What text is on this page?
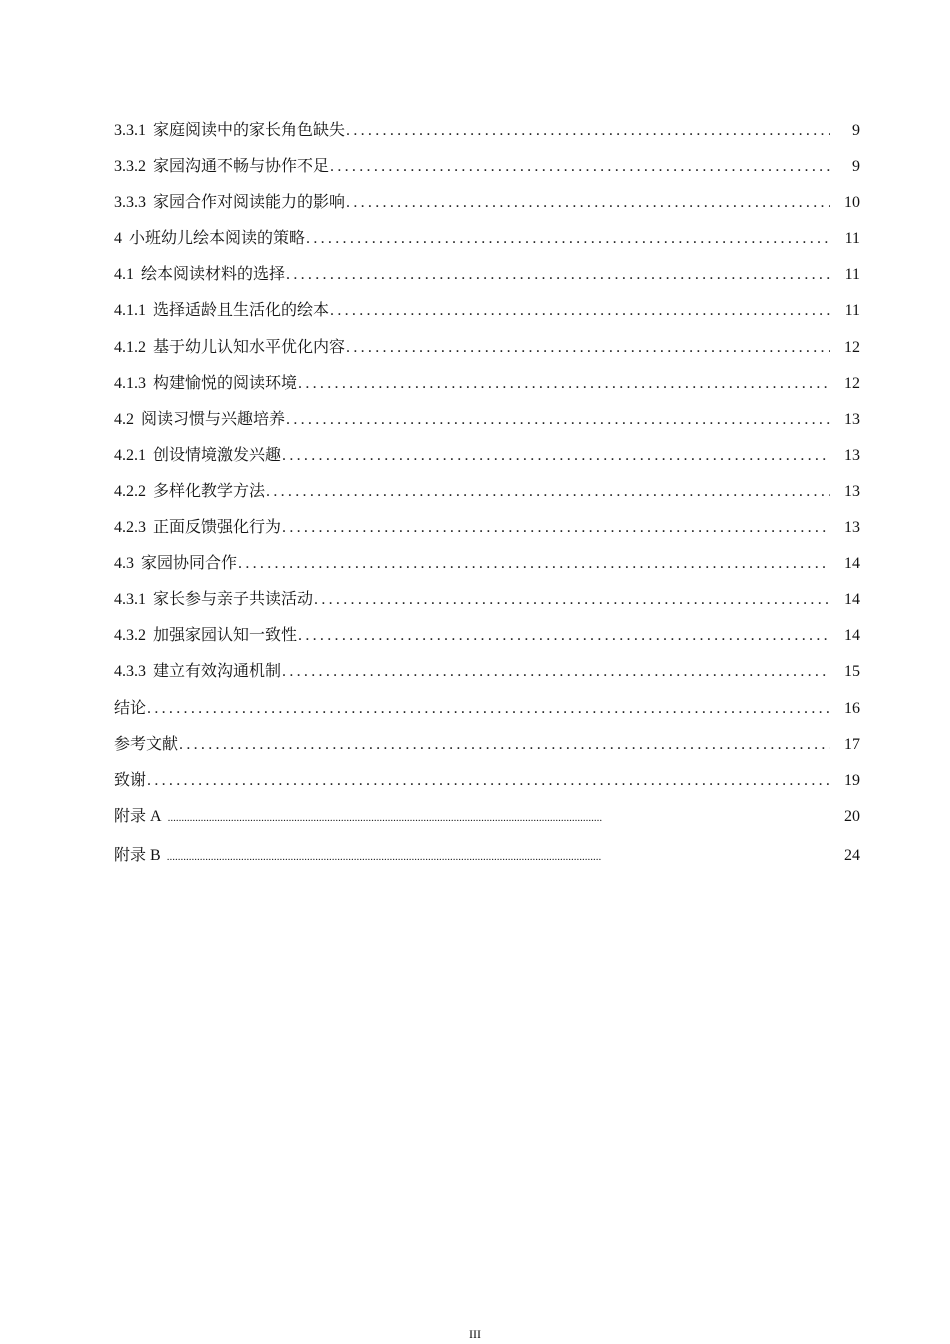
3.3.1 家庭阅读中的家长角色缺失 .....	9
3.3.2 家园沟通不畅与协作不足 .....	9
3.3.3 家园合作对阅读能力的影响 .....	10
4 小班幼儿绘本阅读的策略 .....	11
4.1 绘本阅读材料的选择 .....	11
4.1.1 选择适龄且生活化的绘本 .....	11
4.1.2 基于幼儿认知水平优化内容 .....	12
4.1.3 构建愉悦的阅读环境 .....	12
4.2 阅读习惯与兴趣培养 .....	13
4.2.1 创设情境激发兴趣 .....	13
4.2.2 多样化教学方法 .....	13
4.2.3 正面反馈强化行为 .....	13
4.3 家园协同合作 .....	14
4.3.1 家长参与亲子共读活动 .....	14
4.3.2 加强家园认知一致性 .....	14
4.3.3 建立有效沟通机制 .....	15
结论 .....	16
参考文献 .....	17
致谢 .....	19
附录 A .....	20
附录 B .....	24
III
